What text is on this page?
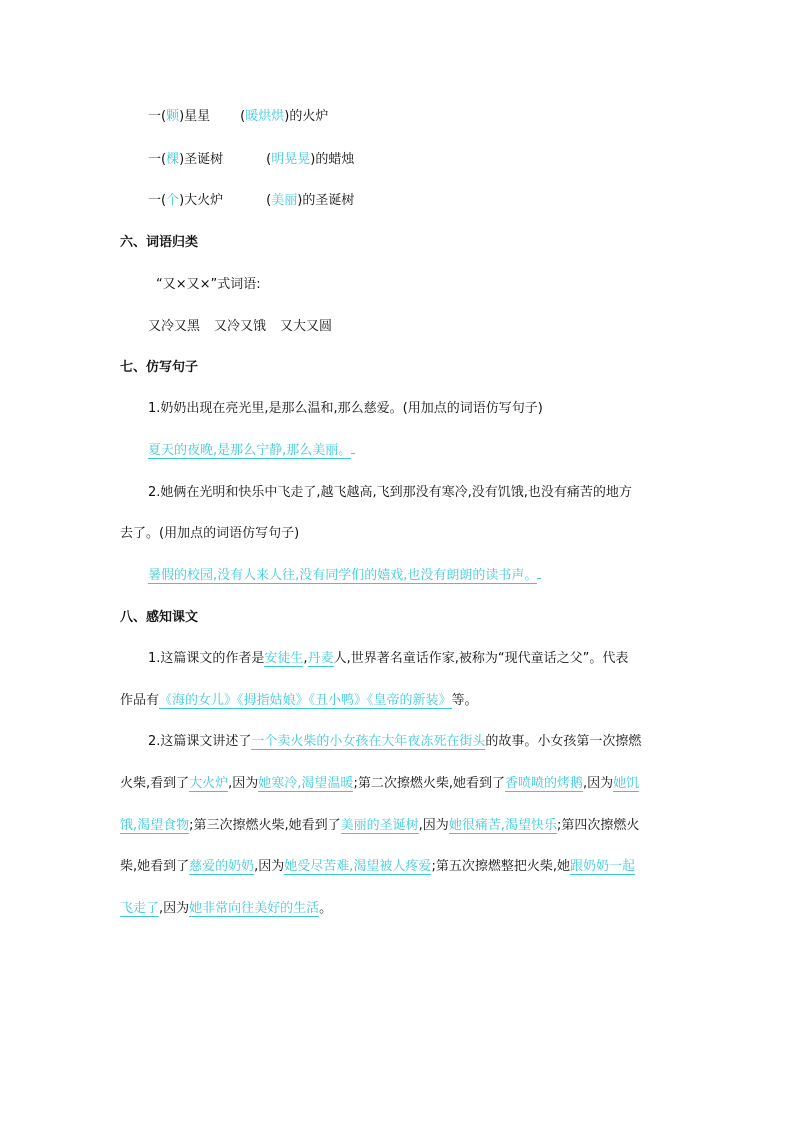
一(颗)星星 (暖烘烘)的火炉
一(棵)圣诞树	(明晃晃)的蜡烛
一(个)大火炉	(美丽)的圣诞树
六、词语归类
“又×又×”式词语:
又冷又黑 又冷又饿 又大又圆
七、仿写句子
1.奶奶出现在亮光里,是那么温和,那么慈爱。(用加点的词语仿写句子)
夏天的夜晚,是那么宁静,那么美丽。
2.她俩在光明和快乐中飞走了,越飞越高,飞到那没有寒冷,没有饥饿,也没有痛苦的地方
去了。(用加点的词语仿写句子)
暑假的校园,没有人来人往,没有同学们的嬉戏,也没有朗朗的读书声。
八、感知课文
1.这篇课文的作者是安徒生,丹麦人,世界著名童话作家,被称为“现代童话之父”。代表
作品有《海的女儿》《拇指姑娘》《丑小鸭》《皇帝的新装》等。
2.这篇课文讲述了一个卖火柴的小女孩在大年夜冻死在街头的故事。小女孩第一次擦燃
火柴,看到了大火炉,因为她寒冷,渴望温暖;第二次擦燃火柴,她看到了香喷喷的烤鹅,因为她饥
饿,渴望食物;第三次擦燃火柴,她看到了美丽的圣诞树,因为她很痛苦,渴望快乐;第四次擦燃火
柴,她看到了慈爱的奶奶,因为她受尽苦难,渴望被人疼爱;第五次擦燃整把火柴,她跟奶奶一起
飞走了,因为她非常向往美好的生活。
